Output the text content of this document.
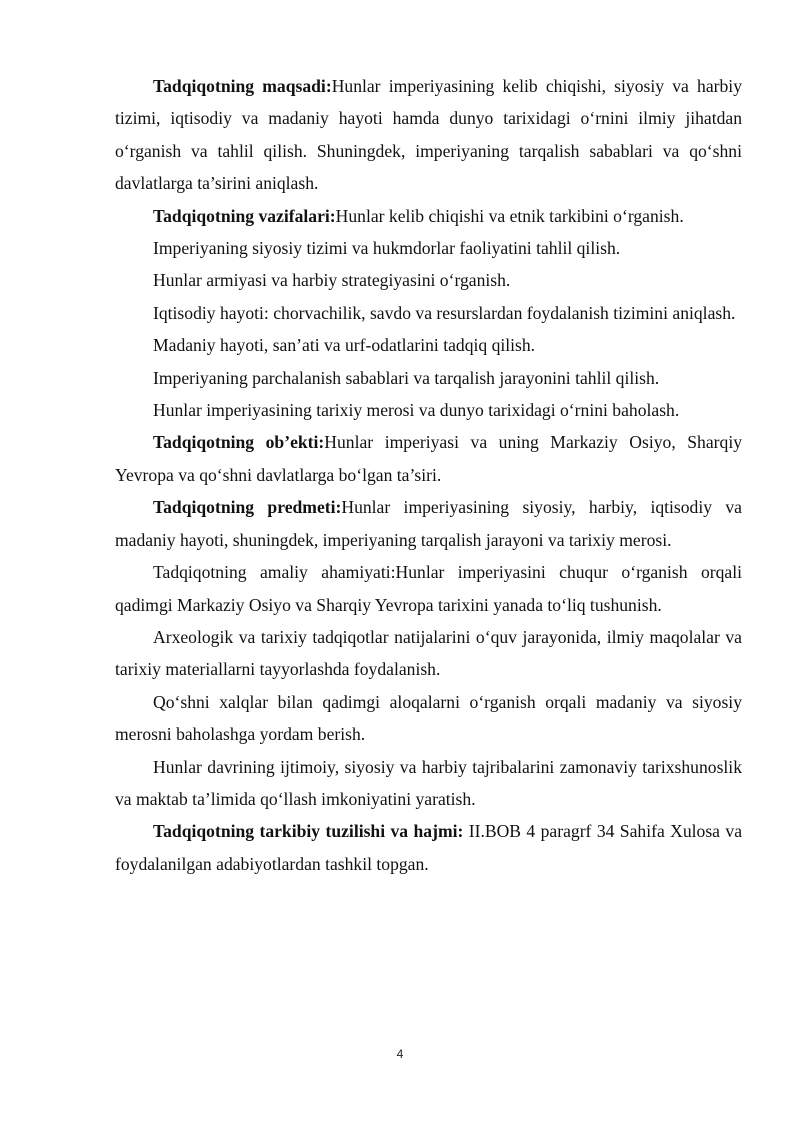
Tadqiqotning maqsadi:Hunlar imperiyasining kelib chiqishi, siyosiy va harbiy tizimi, iqtisodiy va madaniy hayoti hamda dunyo tarixidagi o‘rnini ilmiy jihatdan o‘rganish va tahlil qilish. Shuningdek, imperiyaning tarqalish sabablari va qo‘shni davlatlarga ta’sirini aniqlash.

Tadqiqotning vazifalari:Hunlar kelib chiqishi va etnik tarkibini o‘rganish.

Imperiyaning siyosiy tizimi va hukmdorlar faoliyatini tahlil qilish.

Hunlar armiyasi va harbiy strategiyasini o‘rganish.

Iqtisodiy hayoti: chorvachilik, savdo va resurslardan foydalanish tizimini aniqlash.

Madaniy hayoti, san’ati va urf-odatlarini tadqiq qilish.

Imperiyaning parchalanish sabablari va tarqalish jarayonini tahlil qilish.

Hunlar imperiyasining tarixiy merosi va dunyo tarixidagi o‘rnini baholash.

Tadqiqotning ob’ekti:Hunlar imperiyasi va uning Markaziy Osiyo, Sharqiy Yevropa va qo‘shni davlatlarga bo‘lgan ta’siri.

Tadqiqotning predmeti:Hunlar imperiyasining siyosiy, harbiy, iqtisodiy va madaniy hayoti, shuningdek, imperiyaning tarqalish jarayoni va tarixiy merosi.

Tadqiqotning amaliy ahamiyati:Hunlar imperiyasini chuqur o‘rganish orqali qadimgi Markaziy Osiyo va Sharqiy Yevropa tarixini yanada to‘liq tushunish.

Arxeologik va tarixiy tadqiqotlar natijalarini o‘quv jarayonida, ilmiy maqolalar va tarixiy materiallarni tayyorlashda foydalanish.

Qo‘shni xalqlar bilan qadimgi aloqalarni o‘rganish orqali madaniy va siyosiy merosni baholashga yordam berish.

Hunlar davrining ijtimoiy, siyosiy va harbiy tajribalarini zamonaviy tarixshunoslik va maktab ta’limida qo‘llash imkoniyatini yaratish.

Tadqiqotning tarkibiy tuzilishi va hajmi: II.BOB 4 paragrf 34 Sahifa Xulosa va foydalanilgan adabiyotlardan tashkil topgan.

4
